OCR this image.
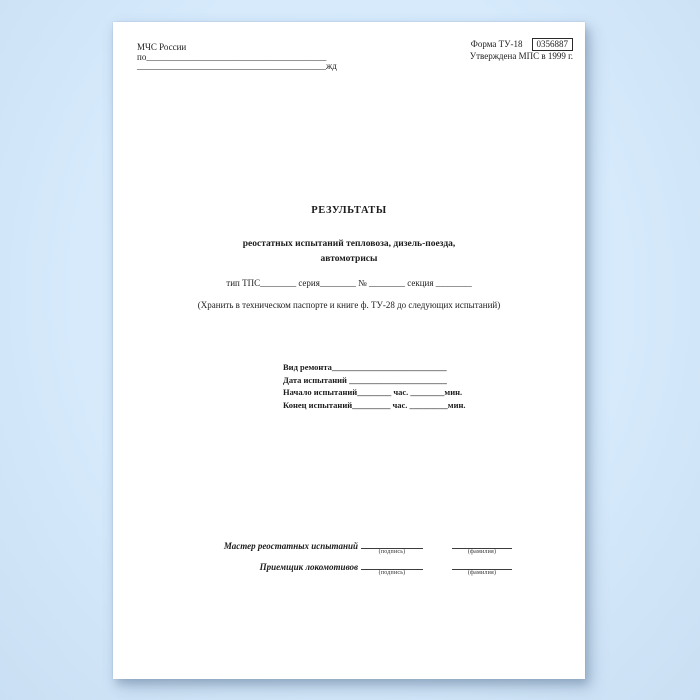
МЧС России
по________________________________________
__________________________________________жд
Форма ТУ-18	0356887
Утверждена МПС в 1999 г.
РЕЗУЛЬТАТЫ
реостатных испытаний тепловоза, дизель-поезда,
автомотрисы
тип ТПС________ серия________ № ________ секция ________
(Хранить в техническом паспорте и книге ф. ТУ-28 до следующих испытаний)
Вид ремонта___________________________
Дата испытаний _______________________
Начало испытаний________ час. ________мин.
Конец испытаний_________ час. _________мин.
Мастер реостатных испытаний
(подпись)	(фамилия)
Приемщик локомотивов
(подпись)	(фамилия)
